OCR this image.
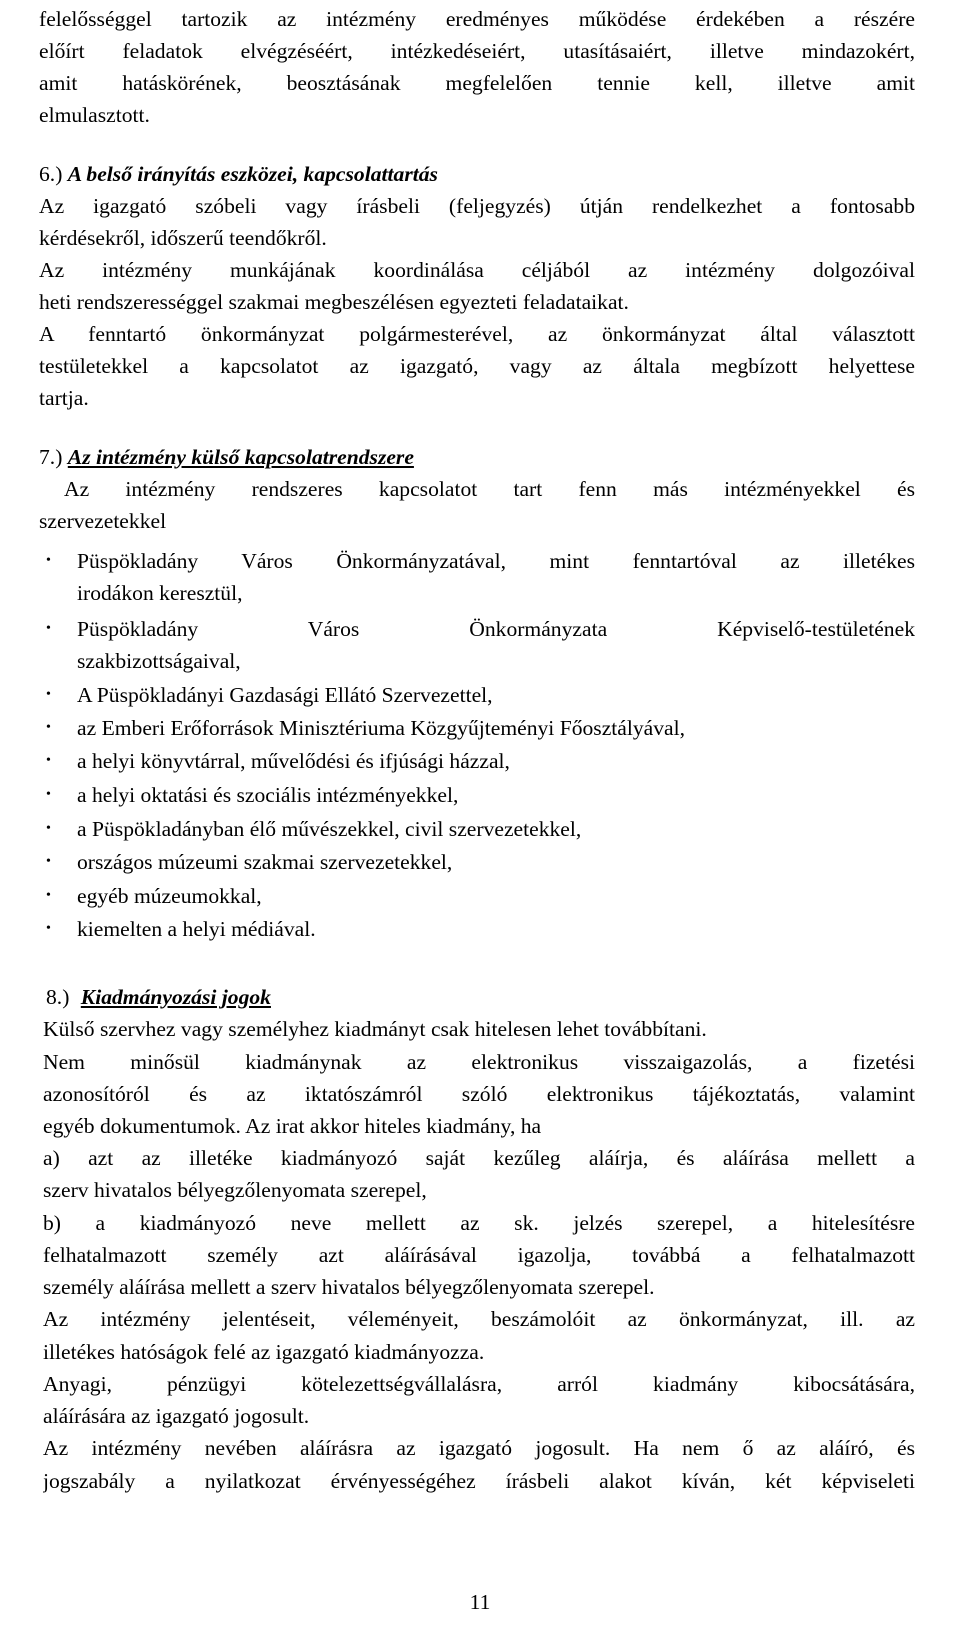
felelősséggel tartozik az intézmény eredményes működése érdekében a részére
előírt feladatok elvégzéséért, intézkedéseiért, utasításaiért, illetve mindazokért,
amit hatáskörének, beosztásának megfelelően tennie kell, illetve amit
elmulasztott.
6.) A belső irányítás eszközei, kapcsolattartás
Az igazgató szóbeli vagy írásbeli (feljegyzés) útján rendelkezhet a fontosabb
kérdésekről, időszerű teendőkről.
Az intézmény munkájának koordinálása céljából az intézmény dolgozóival
heti rendszerességgel szakmai megbeszélésen egyezteti feladataikat.
A fenntartó önkormányzat polgármesterével, az önkormányzat által választott
testületekkel a kapcsolatot az igazgató, vagy az általa megbízott helyettese
tartja.
7.) Az intézmény külső kapcsolatrendszere
Az intézmény rendszeres kapcsolatot tart fenn más intézményekkel és
szervezetekkel
• Püspökladány Város Önkormányzatával, mint fenntartóval az illetékes
irodákon keresztül,
• Püspökladány Város Önkormányzata Képviselő-testületének
szakbizottságaival,
• A Püspökladányi Gazdasági Ellátó Szervezettel,
• az Emberi Erőforrások Minisztériuma Közgyűjteményi Főosztályával,
• a helyi könyvtárral, művelődési és ifjúsági házzal,
• a helyi oktatási és szociális intézményekkel,
• a Püspökladányban élő művészekkel, civil szervezetekkel,
• országos múzeumi szakmai szervezetekkel,
• egyéb múzeumokkal,
• kiemelten a helyi médiával.
8.) Kiadmányozási jogok
Külső szervhez vagy személyhez kiadmányt csak hitelesen lehet továbbítani.
Nem minősül kiadmánynak az elektronikus visszaigazolás, a fizetési
azonosítóról és az iktatószámról szóló elektronikus tájékoztatás, valamint
egyéb dokumentumok. Az irat akkor hiteles kiadmány, ha
a) azt az illetéke kiadmányozó saját kezűleg aláírja, és aláírása mellett a
szerv hivatalos bélyegzőlenyomata szerepel,
b) a kiadmányozó neve mellett az sk. jelzés szerepel, a hitelesítésre
felhatalmazott személy azt aláírásával igazolja, továbbá a felhatalmazott
személy aláírása mellett a szerv hivatalos bélyegzőlenyomata szerepel.
Az intézmény jelentéseit, véleményeit, beszámolóit az önkormányzat, ill. az
illetékes hatóságok felé az igazgató kiadmányozza.
Anyagi, pénzügyi kötelezettségvállalásra, arról kiadmány kibocsátására,
aláírására az igazgató jogosult.
Az intézmény nevében aláírásra az igazgató jogosult. Ha nem ő az aláíró, és
jogszabály a nyilatkozat érvényességéhez írásbeli alakot kíván, két képviseleti
11
